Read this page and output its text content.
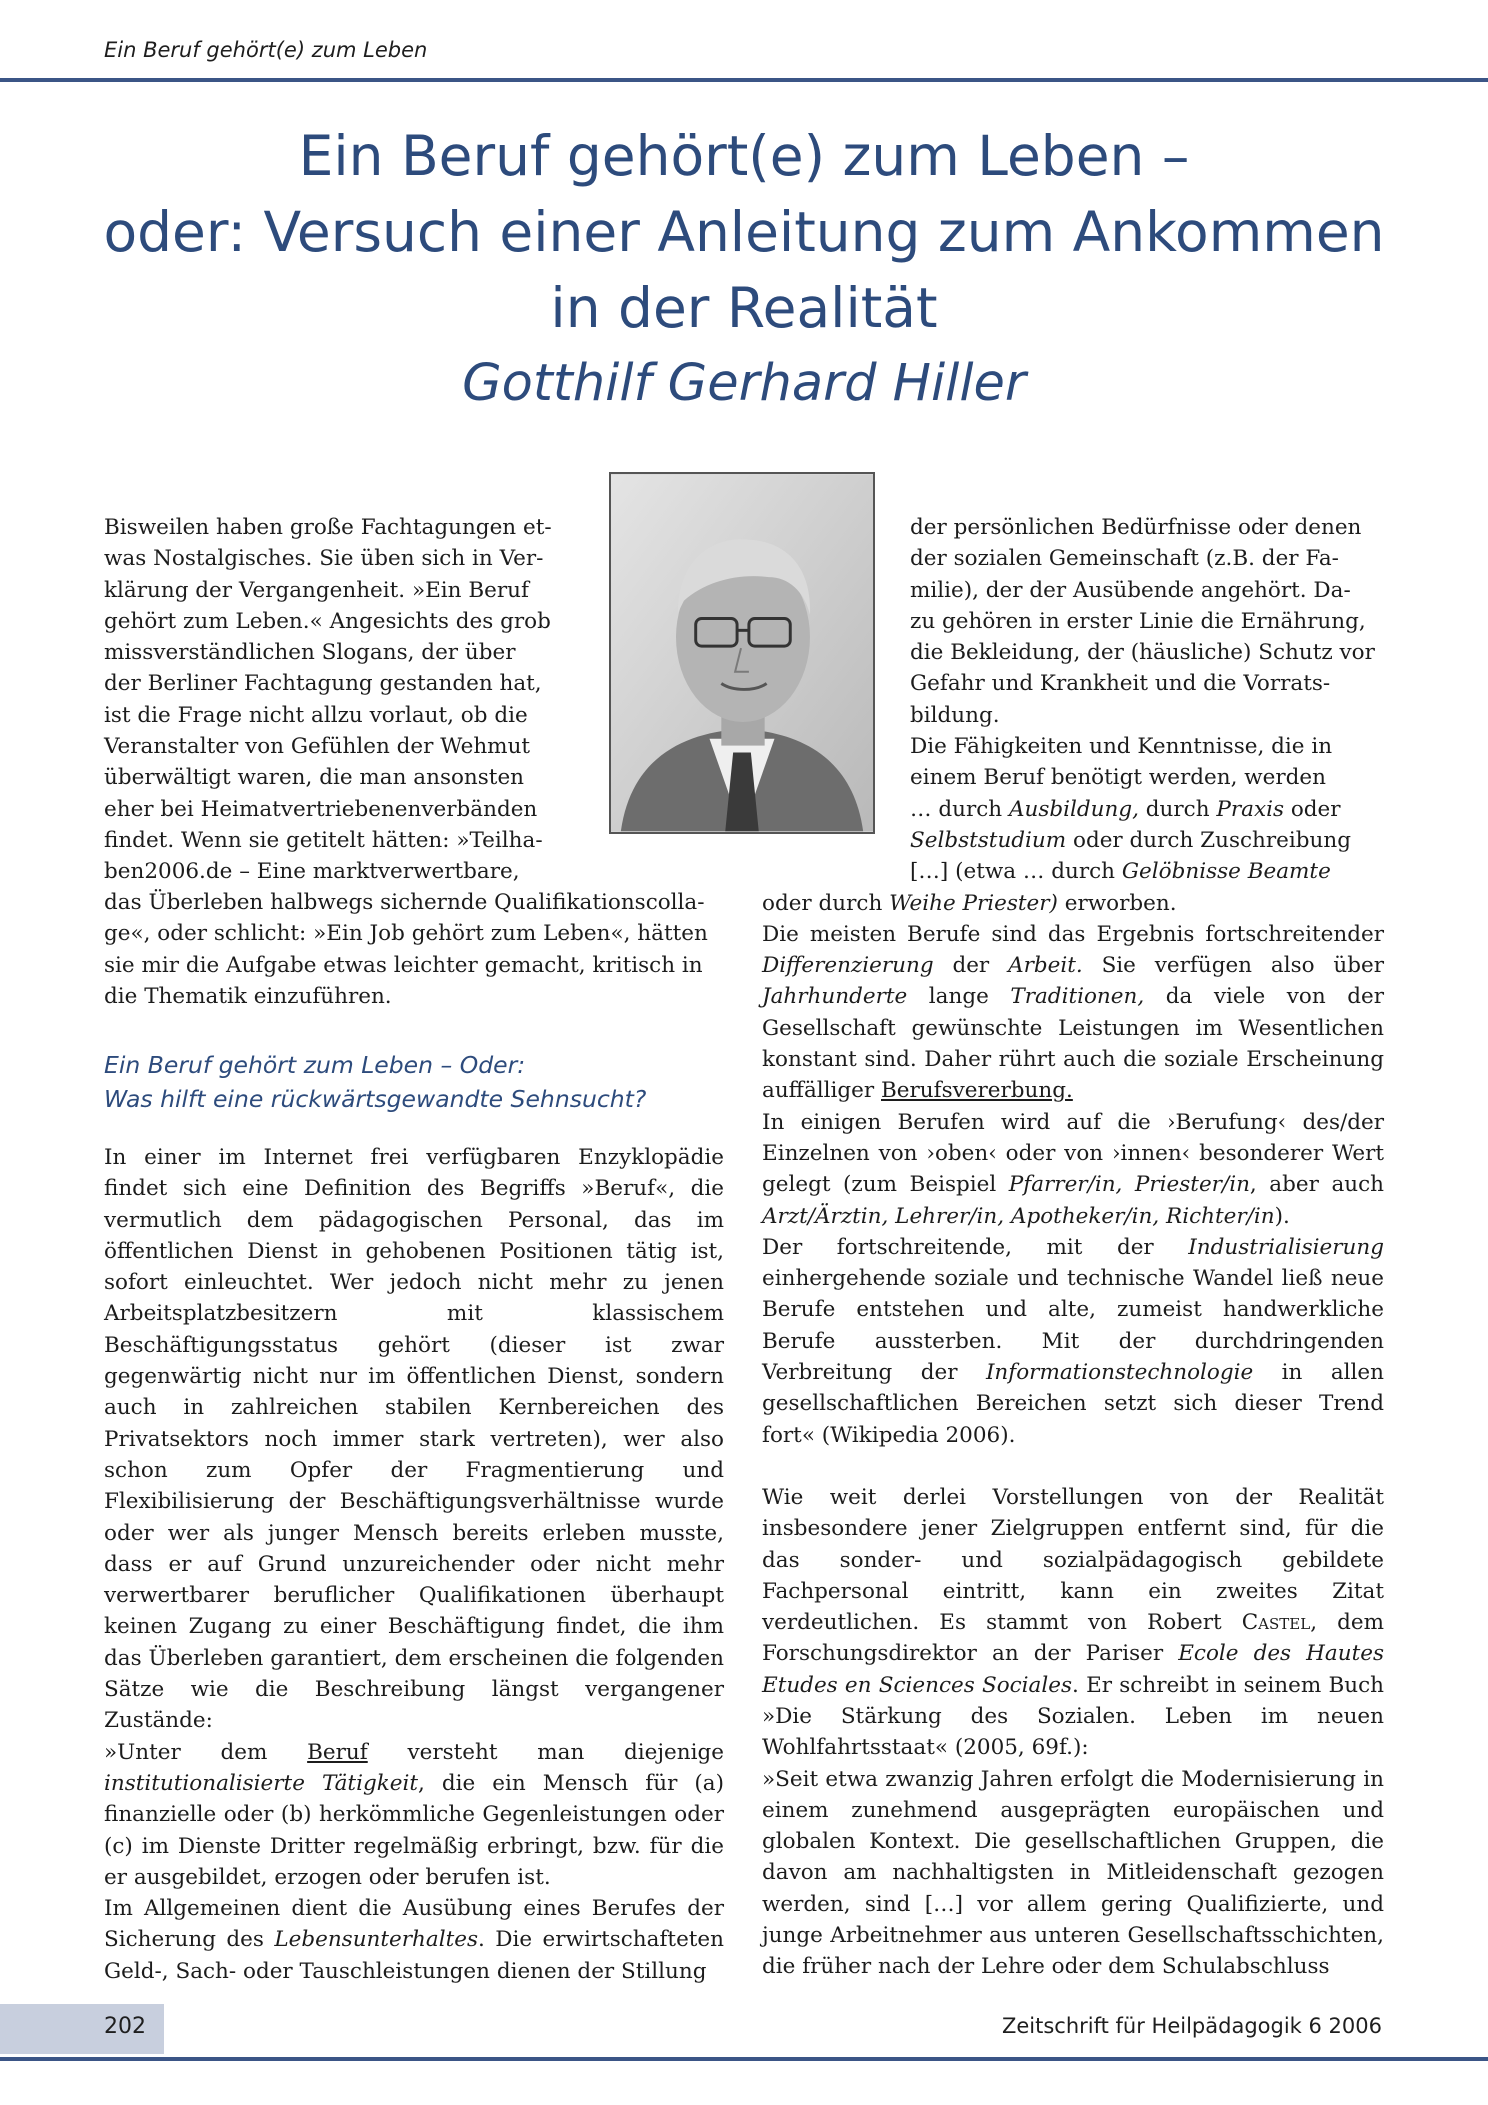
Ein Beruf gehört(e) zum Leben
Ein Beruf gehört(e) zum Leben –
oder: Versuch einer Anleitung zum Ankommen
in der Realität
Gotthilf Gerhard Hiller

Bisweilen haben große Fachtagungen et-

was Nostalgisches. Sie üben sich in Ver-

klärung der Vergangenheit. »Ein Beruf

gehört zum Leben.« Angesichts des grob

missverständlichen Slogans, der über

der Berliner Fachtagung gestanden hat,

ist die Frage nicht allzu vorlaut, ob die

Veranstalter von Gefühlen der Wehmut

überwältigt waren, die man ansonsten

eher bei Heimatvertriebenenverbänden

findet. Wenn sie getitelt hätten: »Teilha-

ben2006.de – Eine marktverwertbare,

das Überleben halbwegs sichernde Qualifikationscolla-

ge«, oder schlicht: »Ein Job gehört zum Leben«, hätten

sie mir die Aufgabe etwas leichter gemacht, kritisch in

die Thematik einzuführen.

Ein Beruf gehört zum Leben – Oder:
Was hilft eine rückwärtsgewandte Sehnsucht?

In einer im Internet frei verfügbaren Enzyklopädie findet sich eine Definition des Begriffs »Beruf«, die vermutlich dem pädagogischen Personal, das im öffentlichen Dienst in gehobenen Positionen tätig ist, sofort einleuchtet. Wer jedoch nicht mehr zu jenen Arbeitsplatzbesitzern mit klassischem Beschäftigungsstatus gehört (dieser ist zwar gegenwärtig nicht nur im öffentlichen Dienst, sondern auch in zahlreichen stabilen Kernbereichen des Privatsektors noch immer stark vertreten), wer also schon zum Opfer der Fragmentierung und Flexibilisierung der Beschäftigungsverhältnisse wurde oder wer als junger Mensch bereits erleben musste, dass er auf Grund unzureichender oder nicht mehr verwertbarer beruflicher Qualifikationen überhaupt keinen Zugang zu einer Beschäftigung findet, die ihm das Überleben garantiert, dem erscheinen die folgenden Sätze wie die Beschreibung längst vergangener Zustände:

»Unter dem Beruf versteht man diejenige institutionalisierte Tätigkeit, die ein Mensch für (a) finanzielle oder (b) herkömmliche Gegenleistungen oder (c) im Dienste Dritter regelmäßig erbringt, bzw. für die er ausgebildet, erzogen oder berufen ist.

Im Allgemeinen dient die Ausübung eines Berufes der Sicherung des Lebensunterhaltes. Die erwirtschafteten Geld-, Sach- oder Tauschleistungen dienen der Stillung

der persönlichen Bedürfnisse oder denen

der sozialen Gemeinschaft (z.B. der Fa-

milie), der der Ausübende angehört. Da-

zu gehören in erster Linie die Ernährung,

die Bekleidung, der (häusliche) Schutz vor

Gefahr und Krankheit und die Vorrats-

bildung.

Die Fähigkeiten und Kenntnisse, die in

einem Beruf benötigt werden, werden

… durch Ausbildung, durch Praxis oder

Selbststudium oder durch Zuschreibung

[…] (etwa … durch Gelöbnisse Beamte

oder durch Weihe Priester) erworben.

Die meisten Berufe sind das Ergebnis fortschreitender Differenzierung der Arbeit. Sie verfügen also über Jahrhunderte lange Traditionen, da viele von der Gesellschaft gewünschte Leistungen im Wesentlichen konstant sind. Daher rührt auch die soziale Erscheinung auffälliger Berufsvererbung.

In einigen Berufen wird auf die ›Berufung‹ des/der Einzelnen von ›oben‹ oder von ›innen‹ besonderer Wert gelegt (zum Beispiel Pfarrer/in, Priester/in, aber auch Arzt/Ärztin, Lehrer/in, Apotheker/in, Richter/in).

Der fortschreitende, mit der Industrialisierung einhergehende soziale und technische Wandel ließ neue Berufe entstehen und alte, zumeist handwerkliche Berufe aussterben. Mit der durchdringenden Verbreitung der Informationstechnologie in allen gesellschaftlichen Bereichen setzt sich dieser Trend fort« (Wikipedia 2006).

Wie weit derlei Vorstellungen von der Realität insbesondere jener Zielgruppen entfernt sind, für die das sonder- und sozialpädagogisch gebildete Fachpersonal eintritt, kann ein zweites Zitat verdeutlichen. Es stammt von Robert Castel, dem Forschungsdirektor an der Pariser Ecole des Hautes Etudes en Sciences Sociales. Er schreibt in seinem Buch »Die Stärkung des Sozialen. Leben im neuen Wohlfahrtsstaat« (2005, 69f.):

»Seit etwa zwanzig Jahren erfolgt die Modernisierung in einem zunehmend ausgeprägten europäischen und globalen Kontext. Die gesellschaftlichen Gruppen, die davon am nachhaltigsten in Mitleidenschaft gezogen werden, sind […] vor allem gering Qualifizierte, und junge Arbeitnehmer aus unteren Gesellschaftsschichten, die früher nach der Lehre oder dem Schulabschluss

202	Zeitschrift für Heilpädagogik 6 2006
